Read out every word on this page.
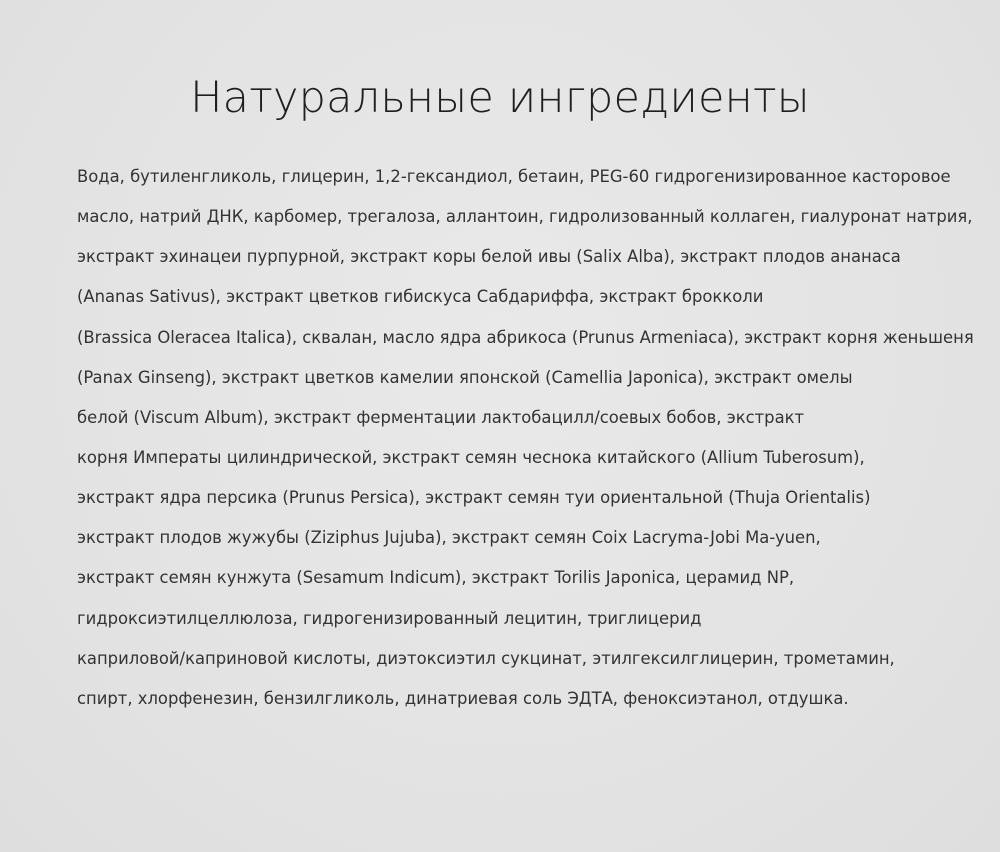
Натуральные ингредиенты
Вода, бутиленгликоль, глицерин, 1,2-гександиол, бетаин, PEG-60 гидрогенизированное касторовое
масло, натрий ДНК, карбомер, трегалоза, аллантоин, гидролизованный коллаген, гиалуронат натрия,
экстракт эхинацеи пурпурной, экстракт коры белой ивы (Salix Alba), экстракт плодов ананаса
(Ananas Sativus), экстракт цветков гибискуса Сабдариффа, экстракт брокколи
(Brassica Oleracea Italica), сквалан, масло ядра абрикоса (Prunus Armeniaca), экстракт корня женьшеня
(Panax Ginseng), экстракт цветков камелии японской (Camellia Japonica), экстракт омелы
белой (Viscum Album), экстракт ферментации лактобацилл/соевых бобов, экстракт
корня Императы цилиндрической, экстракт семян чеснока китайского (Allium Tuberosum),
экстракт ядра персика (Prunus Persica), экстракт семян туи ориентальной (Thuja Orientalis)
экстракт плодов жужубы (Ziziphus Jujuba), экстракт семян Coix Lacryma-Jobi Ma-yuen,
экстракт семян кунжута (Sesamum Indicum), экстракт Torilis Japonica, церамид NP,
гидроксиэтилцеллюлоза, гидрогенизированный лецитин, триглицерид
каприловой/каприновой кислоты, диэтоксиэтил сукцинат, этилгексилглицерин, трометамин,
спирт, хлорфенезин, бензилгликоль, динатриевая соль ЭДТА, феноксиэтанол, отдушка.
